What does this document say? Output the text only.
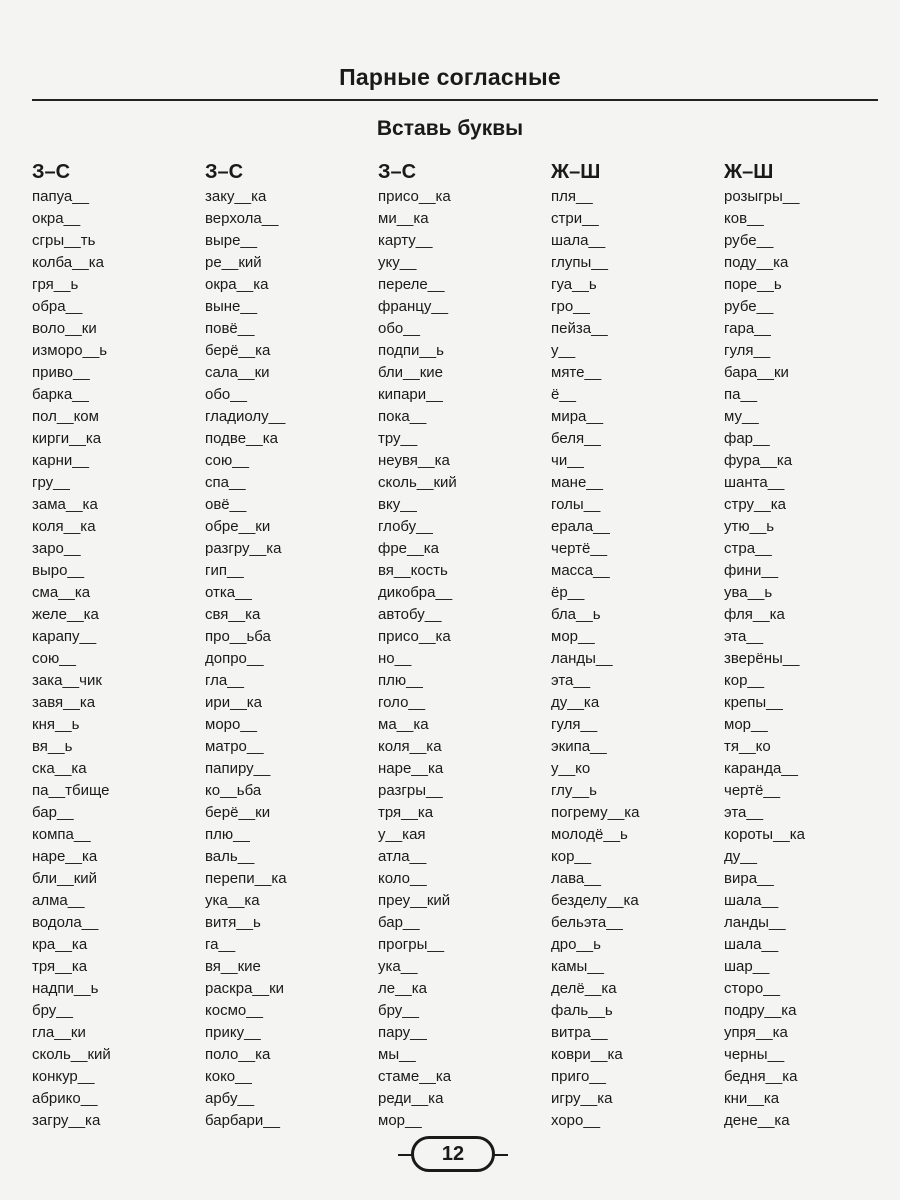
Парные согласные
Вставь буквы
З–С
папуа__
окра__
сгры__ть
колба__ка
гря__ь
обра__
воло__ки
изморо__ь
приво__
барка__
пол__ком
кирги__ка
карни__
гру__
зама__ка
коля__ка
заро__
выро__
сма__ка
желе__ка
карапу__
сою__
зака__чик
завя__ка
кня__ь
вя__ь
ска__ка
па__тбище
бар__
компа__
наре__ка
бли__кий
алма__
водола__
кра__ка
тря__ка
надпи__ь
бру__
гла__ки
сколь__кий
конкур__
абрико__
загру__ка
З–С
заку__ка
верхола__
выре__
ре__кий
окра__ка
выне__
повё__
берё__ка
сала__ки
обо__
гладиолу__
подве__ка
сою__
спа__
овё__
обре__ки
разгру__ка
гип__
отка__
свя__ка
про__ьба
допро__
гла__
ири__ка
моро__
матро__
папиру__
ко__ьба
берё__ки
плю__
валь__
перепи__ка
ука__ка
витя__ь
га__
вя__кие
раскра__ки
космо__
прику__
поло__ка
коко__
арбу__
барбари__
З–С
присо__ка
ми__ка
карту__
уку__
переле__
францу__
обо__
подпи__ь
бли__кие
кипари__
пока__
тру__
неувя__ка
сколь__кий
вку__
глобу__
фре__ка
вя__кость
дикобра__
автобу__
присо__ка
но__
плю__
голо__
ма__ка
коля__ка
наре__ка
разгры__
тря__ка
у__кая
атла__
коло__
преу__кий
бар__
прогры__
ука__
ле__ка
бру__
пару__
мы__
стаме__ка
реди__ка
мор__
Ж–Ш
пля__
стри__
шала__
глупы__
гуа__ь
гро__
пейза__
у__
мяте__
ё__
мира__
беля__
чи__
мане__
голы__
ерала__
чертё__
масса__
ёр__
бла__ь
мор__
ланды__
эта__
ду__ка
гуля__
экипа__
у__ко
глу__ь
погрему__ка
молодё__ь
кор__
лава__
безделу__ка
бельэта__
дро__ь
камы__
делё__ка
фаль__ь
витра__
коври__ка
приго__
игру__ка
хоро__
Ж–Ш
розыгры__
ков__
рубе__
поду__ка
поре__ь
рубе__
гара__
гуля__
бара__ки
па__
му__
фар__
фура__ка
шанта__
стру__ка
утю__ь
стра__
фини__
ува__ь
фля__ка
эта__
зверёны__
кор__
крепы__
мор__
тя__ко
каранда__
чертё__
эта__
короты__ка
ду__
вира__
шала__
ланды__
шала__
шар__
сторо__
подру__ка
упря__ка
черны__
бедня__ка
кни__ка
дене__ка
12
